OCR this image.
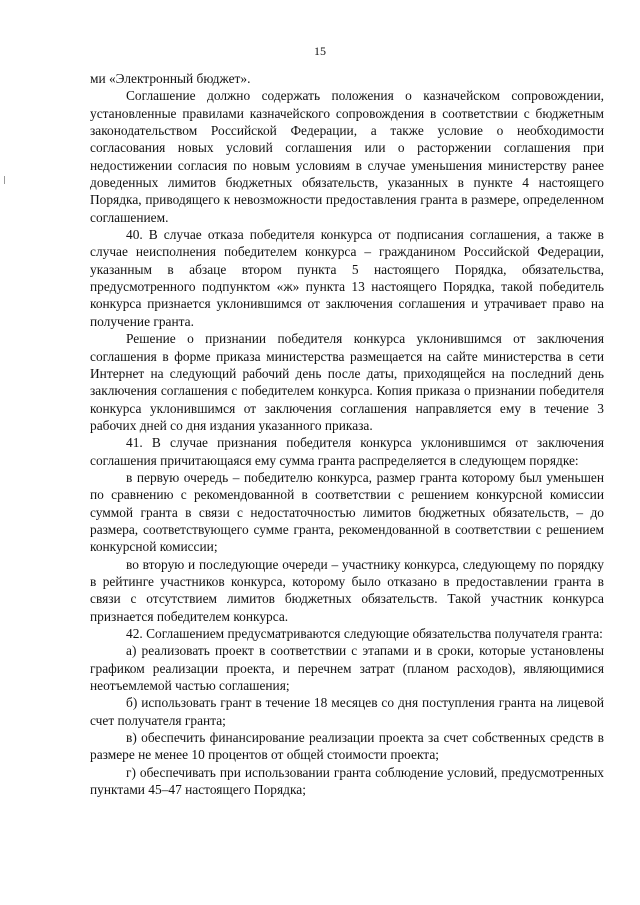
15

ми «Электронный бюджет».

Соглашение должно содержать положения о казначейском сопровождении, установленные правилами казначейского сопровождения в соответствии с бюджетным законодательством Российской Федерации, а также условие о необходимости согласования новых условий соглашения или о расторжении соглашения при недостижении согласия по новым условиям в случае уменьшения министерству ранее доведенных лимитов бюджетных обязательств, указанных в пункте 4 настоящего Порядка, приводящего к невозможности предоставления гранта в размере, определенном соглашением.

40. В случае отказа победителя конкурса от подписания соглашения, а также в случае неисполнения победителем конкурса – гражданином Российской Федерации, указанным в абзаце втором пункта 5 настоящего Порядка, обязательства, предусмотренного подпунктом «ж» пункта 13 настоящего Порядка, такой победитель конкурса признается уклонившимся от заключения соглашения и утрачивает право на получение гранта.

Решение о признании победителя конкурса уклонившимся от заключения соглашения в форме приказа министерства размещается на сайте министерства в сети Интернет на следующий рабочий день после даты, приходящейся на последний день заключения соглашения с победителем конкурса. Копия приказа о признании победителя конкурса уклонившимся от заключения соглашения направляется ему в течение 3 рабочих дней со дня издания указанного приказа.

41. В случае признания победителя конкурса уклонившимся от заключения соглашения причитающаяся ему сумма гранта распределяется в следующем порядке:

в первую очередь – победителю конкурса, размер гранта которому был уменьшен по сравнению с рекомендованной в соответствии с решением конкурсной комиссии суммой гранта в связи с недостаточностью лимитов бюджетных обязательств, – до размера, соответствующего сумме гранта, рекомендованной в соответствии с решением конкурсной комиссии;

во вторую и последующие очереди – участнику конкурса, следующему по порядку в рейтинге участников конкурса, которому было отказано в предоставлении гранта в связи с отсутствием лимитов бюджетных обязательств. Такой участник конкурса признается победителем конкурса.

42. Соглашением предусматриваются следующие обязательства получателя гранта:

а) реализовать проект в соответствии с этапами и в сроки, которые установлены графиком реализации проекта, и перечнем затрат (планом расходов), являющимися неотъемлемой частью соглашения;

б) использовать грант в течение 18 месяцев со дня поступления гранта на лицевой счет получателя гранта;

в) обеспечить финансирование реализации проекта за счет собственных средств в размере не менее 10 процентов от общей стоимости проекта;

г) обеспечивать при использовании гранта соблюдение условий, предусмотренных пунктами 45–47 настоящего Порядка;
